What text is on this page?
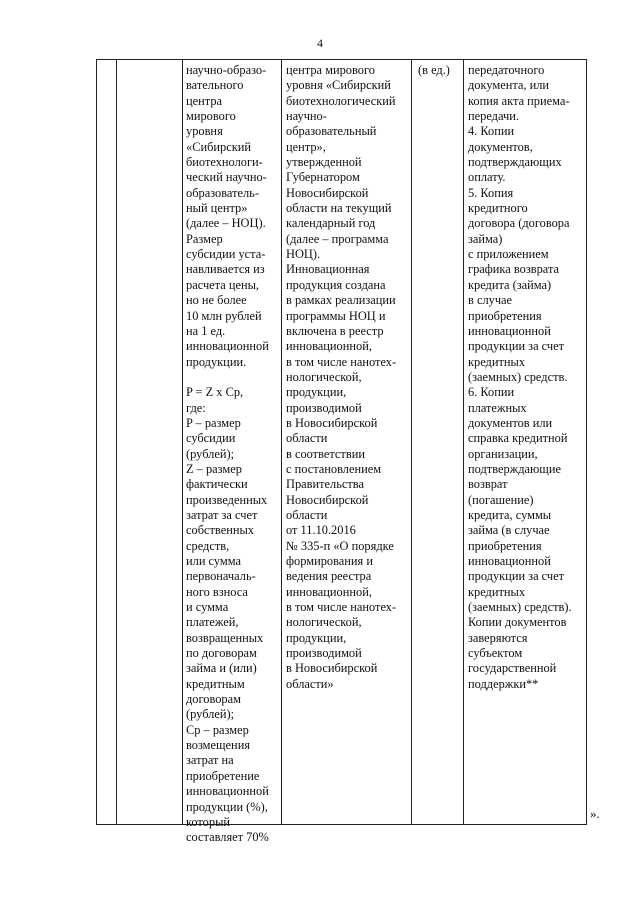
4
научно-образо-
вательного
центра
мирового
уровня
«Сибирский
биотехнологи-
ческий научно-
образователь-
ный центр»
(далее – НОЦ).
Размер
субсидии уста-
навливается из
расчета цены,
но не более
10 млн рублей
на 1 ед.
инновационной
продукции.

P = Z x Cp,
где:
P – размер
субсидии
(рублей);
Z – размер
фактически
произведенных
затрат за счет
собственных
средств,
или сумма
первоначаль-
ного взноса
и сумма
платежей,
возвращенных
по договорам
займа и (или)
кредитным
договорам
(рублей);
Cp – размер
возмещения
затрат на
приобретение
инновационной
продукции (%),
который
составляет 70%
центра мирового
уровня «Сибирский
биотехнологический
научно-
образовательный
центр»,
утвержденной
Губернатором
Новосибирской
области на текущий
календарный год
(далее – программа
НОЦ).
Инновационная
продукция создана
в рамках реализации
программы НОЦ и
включена в реестр
инновационной,
в том числе нанотех-
нологической,
продукции,
производимой
в Новосибирской
области
в соответствии
с постановлением
Правительства
Новосибирской
области
от 11.10.2016
№ 335-п «О порядке
формирования и
ведения реестра
инновационной,
в том числе нанотех-
нологической,
продукции,
производимой
в Новосибирской
области»
(в ед.) передаточного
документа, или
копия акта приема-
передачи.
4. Копии
документов,
подтверждающих
оплату.
5. Копия
кредитного
договора (договора
займа)
с приложением
графика возврата
кредита (займа)
в случае
приобретения
инновационной
продукции за счет
кредитных
(заемных) средств.
6. Копии
платежных
документов или
справка кредитной
организации,
подтверждающие
возврат
(погашение)
кредита, суммы
займа (в случае
приобретения
инновационной
продукции за счет
кредитных
(заемных) средств).
Копии документов
заверяются
субъектом
государственной
поддержки**
».
